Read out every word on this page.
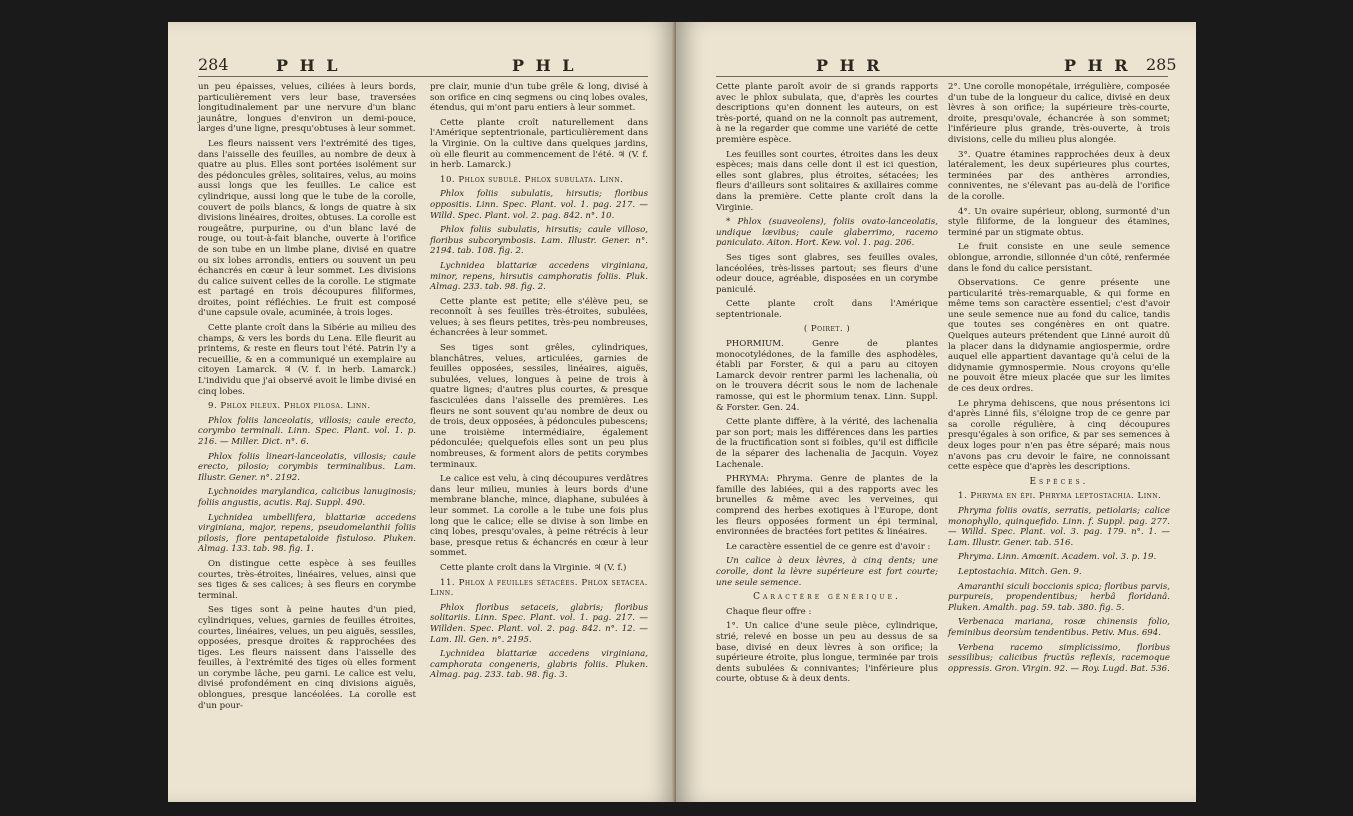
284	P H L	P H L

un peu épaisses, velues, ciliées à leurs bords, particulièrement vers leur base, traversées longitudinalement par une nervure d'un blanc jaunâtre, longues d'environ un demi-pouce, larges d'une ligne, presqu'obtuses à leur sommet.

Les fleurs naissent vers l'extrémité des tiges, dans l'aisselle des feuilles, au nombre de deux à quatre au plus. Elles sont portées isolément sur des pédoncules grêles, solitaires, velus, au moins aussi longs que les feuilles. Le calice est cylindrique, aussi long que le tube de la corolle, couvert de poils blancs, & longs de quatre à six divisions linéaires, droites, obtuses. La corolle est rougeâtre, purpurine, ou d'un blanc lavé de rouge, ou tout-à-fait blanche, ouverte à l'orifice de son tube en un limbe plane, divisé en quatre ou six lobes arrondis, entiers ou souvent un peu échancrés en cœur à leur sommet. Les divisions du calice suivent celles de la corolle. Le stigmate est partagé en trois découpures filiformes, droites, point réfléchies. Le fruit est composé d'une capsule ovale, acuminée, à trois loges.

Cette plante croît dans la Sibérie au milieu des champs, & vers les bords du Lena. Elle fleurit au printems, & reste en fleurs tout l'été. Patrin l'y a recueillie, & en a communiqué un exemplaire au citoyen Lamarck. ♃ (V. f. in herb. Lamarck.) L'individu que j'ai observé avoit le limbe divisé en cinq lobes.

9. Phlox pileux. Phlox pilosa. Linn.

Phlox foliis lanceolatis, villosis; caule erecto, corymbo terminali. Linn. Spec. Plant. vol. 1. p. 216. — Miller. Dict. n°. 6.

Phlox foliis lineari-lanceolatis, villosis; caule erecto, pilosio; corymbis terminalibus. Lam. Illustr. Gener. n°. 2192.

Lychnoides marylandica, calicibus lanuginosis; foliis angustis, acutis. Raj. Suppl. 490.

Lychnidea umbellifera, blattariæ accedens virginiana, major, repens, pseudomelanthii foliis pilosis, flore pentapetaloide fistuloso. Pluken. Almag. 133. tab. 98. fig. 1.

On distingue cette espèce à ses feuilles courtes, très-étroites, linéaires, velues, ainsi que ses tiges & ses calices; à ses fleurs en corymbe terminal.

Ses tiges sont à peine hautes d'un pied, cylindriques, velues, garnies de feuilles étroites, courtes, linéaires, velues, un peu aiguës, sessiles, opposées, presque droites & rapprochées des tiges. Les fleurs naissent dans l'aisselle des feuilles, à l'extrémité des tiges où elles forment un corymbe lâche, peu garni. Le calice est velu, divisé profondément en cinq divisions aiguës, oblongues, presque lancéolées. La corolle est d'un pour-

pre clair, munie d'un tube grêle & long, divisé à son orifice en cinq segmens ou cinq lobes ovales, étendus, qui m'ont paru entiers à leur sommet.

Cette plante croît naturellement dans l'Amérique septentrionale, particulièrement dans la Virginie. On la cultive dans quelques jardins, où elle fleurit au commencement de l'été. ♃ (V. f. in herb. Lamarck.)

10. Phlox subulé. Phlox subulata. Linn.

Phlox foliis subulatis, hirsutis; floribus oppositis. Linn. Spec. Plant. vol. 1. pag. 217. — Willd. Spec. Plant. vol. 2. pag. 842. n°. 10.

Phlox foliis subulatis, hirsutis; caule villoso, floribus subcorymbosis. Lam. Illustr. Gener. n°. 2194. tab. 108. fig. 2.

Lychnidea blattariæ accedens virginiana, minor, repens, hirsutis camphoratis foliis. Pluk. Almag. 233. tab. 98. fig. 2.

Cette plante est petite; elle s'élève peu, se reconnoît à ses feuilles très-étroites, subulées, velues; à ses fleurs petites, très-peu nombreuses, échancrées à leur sommet.

Ses tiges sont grêles, cylindriques, blanchâtres, velues, articulées, garnies de feuilles opposées, sessiles, linéaires, aiguës, subulées, velues, longues à peine de trois à quatre lignes; d'autres plus courtes, & presque fasciculées dans l'aisselle des premières. Les fleurs ne sont souvent qu'au nombre de deux ou de trois, deux opposées, à pédoncules pubescens; une troisième intermédiaire, également pédonculée; quelquefois elles sont un peu plus nombreuses, & forment alors de petits corymbes terminaux.

Le calice est velu, à cinq découpures verdâtres dans leur milieu, munies à leurs bords d'une membrane blanche, mince, diaphane, subulées à leur sommet. La corolle a le tube une fois plus long que le calice; elle se divise à son limbe en cinq lobes, presqu'ovales, à peine rétrécis à leur base, presque retus & échancrés en cœur à leur sommet.

Cette plante croît dans la Virginie. ♃ (V. f.)

11. Phlox à feuilles sétacées. Phlox setacea. Linn.

Phlox floribus setaceis, glabris; floribus solitariis. Linn. Spec. Plant. vol. 1. pag. 217. — Willden. Spec. Plant. vol. 2. pag. 842. n°. 12. — Lam. Ill. Gen. n°. 2195.

Lychnidea blattariæ accedens virginiana, camphorata congeneris, glabris foliis. Pluken. Almag. pag. 233. tab. 98. fig. 3.

P H R	P H R 285

Cette plante paroît avoir de si grands rapports avec le phlox subulata, que, d'après les courtes descriptions qu'en donnent les auteurs, on est très-porté, quand on ne la connoît pas autrement, à ne la regarder que comme une variété de cette première espèce.

Les feuilles sont courtes, étroites dans les deux espèces; mais dans celle dont il est ici question, elles sont glabres, plus étroites, sétacées; les fleurs d'ailleurs sont solitaires & axillaires comme dans la première. Cette plante croît dans la Virginie.

* Phlox (suaveolens), foliis ovato-lanceolatis, undique lævibus; caule glaberrimo, racemo paniculato. Aiton. Hort. Kew. vol. 1. pag. 206.

Ses tiges sont glabres, ses feuilles ovales, lancéolées, très-lisses partout; ses fleurs d'une odeur douce, agréable, disposées en un corymbe paniculé.

Cette plante croît dans l'Amérique septentrionale.

( Poiret. )

PHORMIUM. Genre de plantes monocotylédones, de la famille des asphodèles, établi par Forster, & qui a paru au citoyen Lamarck devoir rentrer parmi les lachenalia, où on le trouvera décrit sous le nom de lachenale ramosse, qui est le phormium tenax. Linn. Suppl. & Forster. Gen. 24.

Cette plante diffère, à la vérité, des lachenalia par son port; mais les différences dans les parties de la fructification sont si foibles, qu'il est difficile de la séparer des lachenalia de Jacquin. Voyez Lachenale.

PHRYMA: Phryma. Genre de plantes de la famille des labiées, qui a des rapports avec les brunelles & même avec les verveines, qui comprend des herbes exotiques à l'Europe, dont les fleurs opposées forment un épi terminal, environnées de bractées fort petites & linéaires.

Le caractère essentiel de ce genre est d'avoir :

Un calice à deux lèvres, à cinq dents; une corolle, dont la lèvre supérieure est fort courte; une seule semence.

Caractère générique.

Chaque fleur offre :

1°. Un calice d'une seule pièce, cylindrique, strié, relevé en bosse un peu au dessus de sa base, divisé en deux lèvres à son orifice; la supérieure étroite, plus longue, terminée par trois dents subulées & connivantes; l'inférieure plus courte, obtuse & à deux dents.

2°. Une corolle monopétale, irrégulière, composée d'un tube de la longueur du calice, divisé en deux lèvres à son orifice; la supérieure très-courte, droite, presqu'ovale, échancrée à son sommet; l'inférieure plus grande, très-ouverte, à trois divisions, celle du milieu plus alongée.

3°. Quatre étamines rapprochées deux à deux latéralement, les deux supérieures plus courtes, terminées par des anthères arrondies, conniventes, ne s'élevant pas au-delà de l'orifice de la corolle.

4°. Un ovaire supérieur, oblong, surmonté d'un style filiforme, de la longueur des étamines, terminé par un stigmate obtus.

Le fruit consiste en une seule semence oblongue, arrondie, sillonnée d'un côté, renfermée dans le fond du calice persistant.

Observations. Ce genre présente une particularité très-remarquable, & qui forme en même tems son caractère essentiel; c'est d'avoir une seule semence nue au fond du calice, tandis que toutes ses congénères en ont quatre. Quelques auteurs prétendent que Linné auroit dû la placer dans la didynamie angiospermie, ordre auquel elle appartient davantage qu'à celui de la didynamie gymnospermie. Nous croyons qu'elle ne pouvoit être mieux placée que sur les limites de ces deux ordres.

Le phryma dehiscens, que nous présentons ici d'après Linné fils, s'éloigne trop de ce genre par sa corolle régulière, à cinq découpures presqu'égales à son orifice, & par ses semences à deux loges pour n'en pas être séparé; mais nous n'avons pas cru devoir le faire, ne connoissant cette espèce que d'après les descriptions.

Espèces.

1. Phryma en épi. Phryma leptostachia. Linn.

Phryma foliis ovatis, serratis, petiolaris; calice monophyllo, quinquefido. Linn. f. Suppl. pag. 277. — Willd. Spec. Plant. vol. 3. pag. 179. n°. 1. — Lam. Illustr. Gener. tab. 516.

Phryma. Linn. Amœnit. Academ. vol. 3. p. 19.

Leptostachia. Mitch. Gen. 9.

Amaranthi siculi boccionis spica; floribus parvis, purpureis, propendentibus; herbâ floridanâ. Pluken. Amalth. pag. 59. tab. 380. fig. 5.

Verbenaca mariana, rosæ chinensis folio, feminibus deorsùm tendentibus. Petiv. Mus. 694.

Verbena racemo simplicissimo, floribus sessilibus; calicibus fructûs reflexis, racemoque oppressis. Gron. Virgin. 92. — Roy. Lugd. Bat. 536.
